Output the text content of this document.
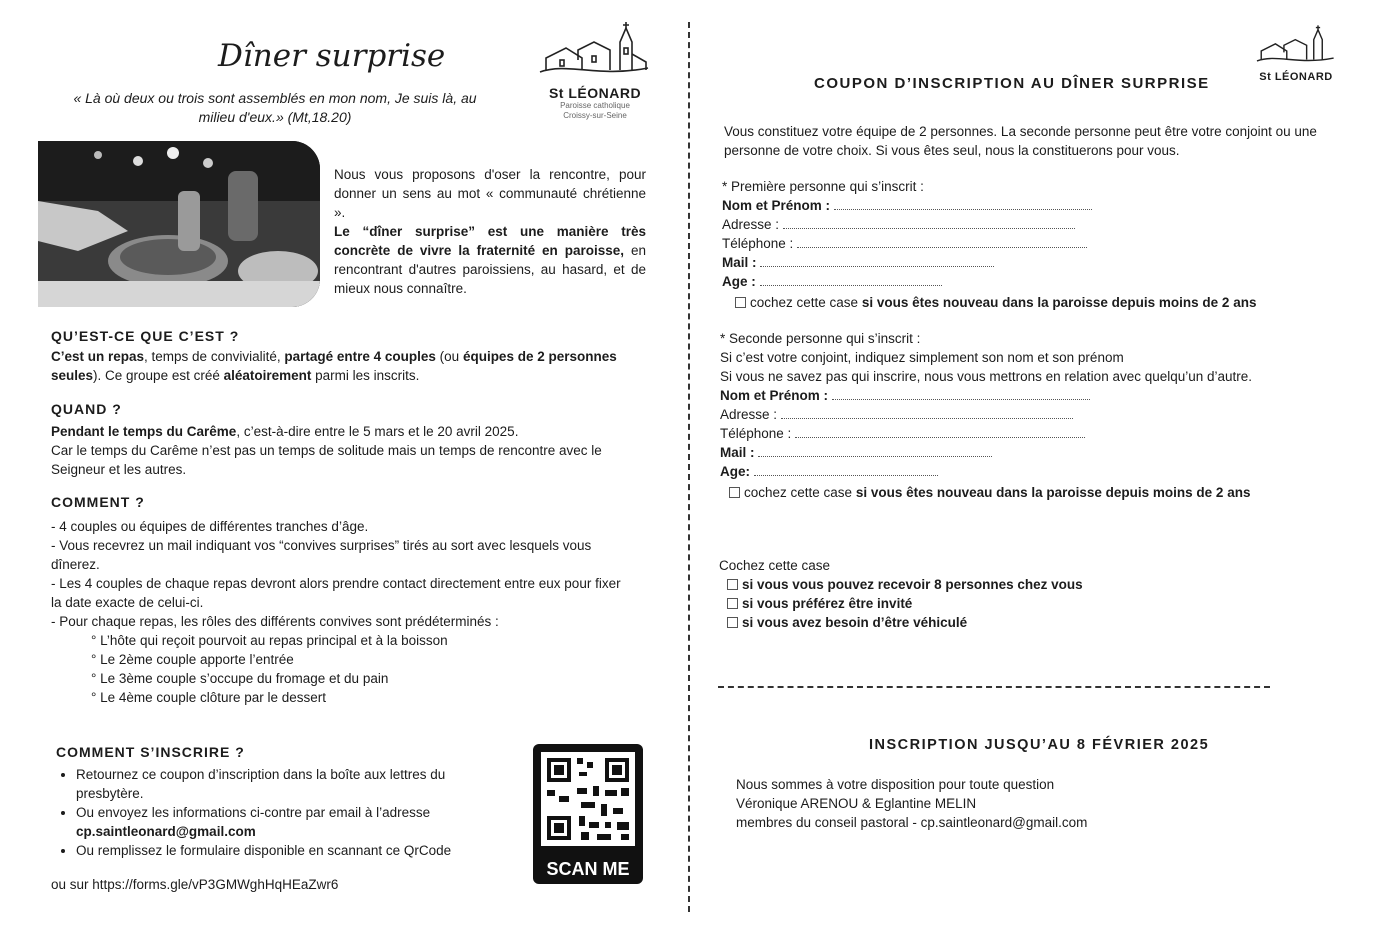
Dîner surprise
« Là où deux ou trois sont assemblés en mon nom, Je suis là, au milieu d'eux.» (Mt,18.20)
St LÉONARD
Paroisse catholique
Croissy-sur-Seine

Nous vous proposons d'oser la rencontre, pour donner un sens au mot « communauté chrétienne ».

Le “dîner surprise” est une manière très concrète de vivre la fraternité en paroisse, en rencontrant d'autres paroissiens, au hasard, et de mieux nous connaître.

QU’EST-CE QUE C’EST ?

C’est un repas, temps de convivialité, partagé entre 4 couples (ou équipes de 2 personnes seules). Ce groupe est créé aléatoirement parmi les inscrits.

QUAND ?

Pendant le temps du Carême, c’est-à-dire entre le 5 mars et le 20 avril 2025.

Car le temps du Carême n’est pas un temps de solitude mais un temps de rencontre avec le Seigneur et les autres.

COMMENT ?

- 4 couples ou équipes de différentes tranches d’âge.

- Vous recevrez un mail indiquant vos “convives surprises” tirés au sort avec lesquels vous dînerez.

- Les 4 couples de chaque repas devront alors prendre contact directement entre eux pour fixer la date exacte de celui-ci.

- Pour chaque repas, les rôles des différents convives sont prédéterminés :

° L’hôte qui reçoit pourvoit au repas principal et à la boisson
° Le 2ème couple apporte l’entrée
° Le 3ème couple s’occupe du fromage et du pain
° Le 4ème couple clôture par le dessert
COMMENT S’INSCRIRE ?
• Retournez ce coupon d’inscription dans la boîte aux lettres du presbytère.
• Ou envoyez les informations ci-contre par email à l’adresse
cp.saintleonard@gmail.com
• Ou remplissez le formulaire disponible en scannant ce QrCode
ou sur https://forms.gle/vP3GMWghHqHEaZwr6
SCAN ME
COUPON D’INSCRIPTION AU DÎNER SURPRISE	St LÉONARD
Vous constituez votre équipe de 2 personnes. La seconde personne peut être votre conjoint ou une personne de votre choix. Si vous êtes seul, nous la constituerons pour vous.
* Première personne qui s’inscrit :
Nom et Prénom :
Adresse :
Téléphone :
Mail :
Age :
cochez cette case si vous êtes nouveau dans la paroisse depuis moins de 2 ans
* Seconde personne qui s’inscrit :
Si c’est votre conjoint, indiquez simplement son nom et son prénom
Si vous ne savez pas qui inscrire, nous vous mettrons en relation avec quelqu’un d’autre.
Nom et Prénom :
Adresse :
Téléphone :
Mail :
Age:
cochez cette case si vous êtes nouveau dans la paroisse depuis moins de 2 ans
Cochez cette case
si vous vous pouvez recevoir 8 personnes chez vous
si vous préférez être invité
si vous avez besoin d’être véhiculé
INSCRIPTION JUSQU’AU 8 FÉVRIER 2025
Nous sommes à votre disposition pour toute question
Véronique ARENOU & Eglantine MELIN
membres du conseil pastoral - cp.saintleonard@gmail.com
